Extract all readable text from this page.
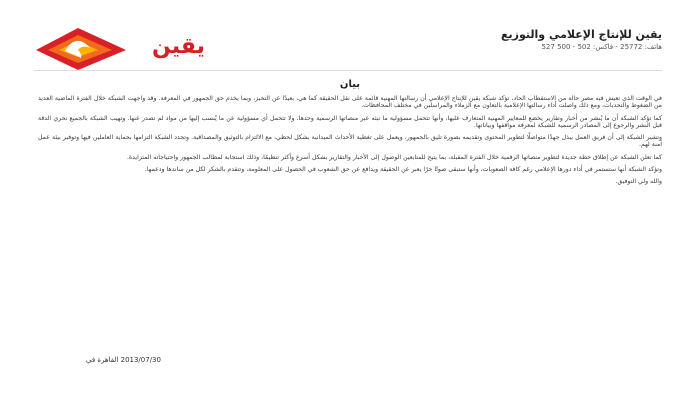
يقين	يقين للإنتاج الإعلامي والتوزيع
هاتف: 25772 - فاكس: 502 - 500 527
بيان

في الوقت الذي تعيش فيه مصر حالة من الاستقطاب الحاد، تؤكد شبكة يقين للإنتاج الإعلامي أن رسالتها المهنية قائمة على نقل الحقيقة كما هي، بعيدًا عن التحيز، وبما يخدم حق الجمهور في المعرفة. وقد واجهت الشبكة خلال الفترة الماضية العديد من الضغوط والتحديات، ومع ذلك واصلت أداء رسالتها الإعلامية بالتعاون مع الزملاء والمراسلين في مختلف المحافظات.

كما تؤكد الشبكة أن ما يُنشر من أخبار وتقارير يخضع للمعايير المهنية المتعارف عليها، وأنها تتحمل مسؤولية ما تبثه عبر منصاتها الرسمية وحدها، ولا تتحمل أي مسؤولية عن ما يُنسب إليها من مواد لم تصدر عنها. وتهيب الشبكة بالجميع تحري الدقة قبل النشر والرجوع إلى المصادر الرسمية للشبكة لمعرفة مواقفها وبياناتها.

وتشير الشبكة إلى أن فريق العمل يبذل جهدًا متواصلًا لتطوير المحتوى وتقديمه بصورة تليق بالجمهور، ويعمل على تغطية الأحداث الميدانية بشكل لحظي، مع الالتزام بالتوثيق والمصداقية. وتجدد الشبكة التزامها بحماية العاملين فيها وتوفير بيئة عمل آمنة لهم.

كما تعلن الشبكة عن إطلاق خطة جديدة لتطوير منصاتها الرقمية خلال الفترة المقبلة، بما يتيح للمتابعين الوصول إلى الأخبار والتقارير بشكل أسرع وأكثر تنظيمًا، وذلك استجابة لمطالب الجمهور واحتياجاته المتزايدة.

وتؤكد الشبكة أنها ستستمر في أداء دورها الإعلامي رغم كافة الصعوبات، وأنها ستبقى صوتًا حرًا يعبر عن الحقيقة ويدافع عن حق الشعوب في الحصول على المعلومة، وتتقدم بالشكر لكل من ساندها ودعمها.

والله ولي التوفيق.

2013/07/30 القاهرة في
